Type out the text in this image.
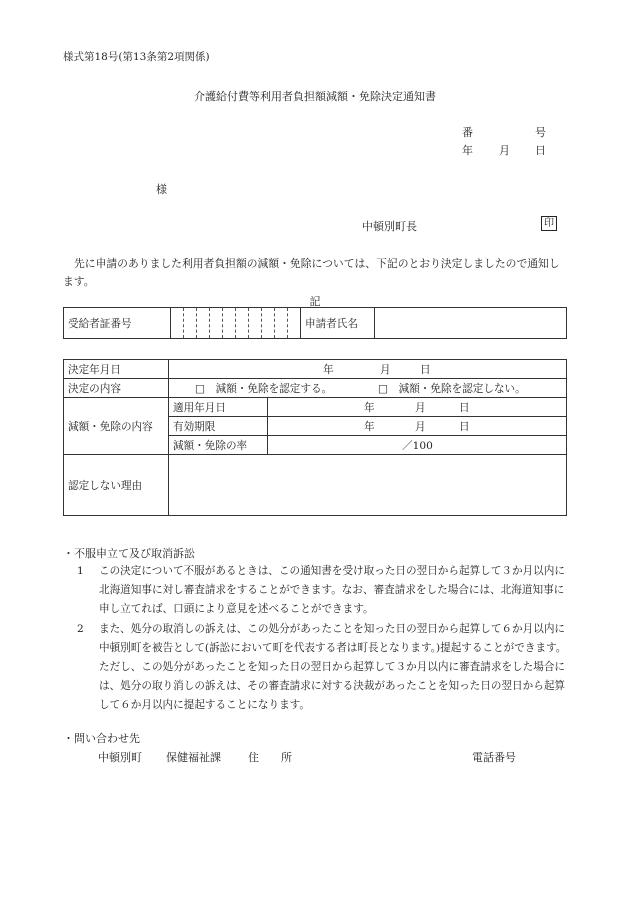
様式第18号(第13条第2項関係)
介護給付費等利用者負担額減額・免除決定通知書
番	号
年 月 日
様
中頓別町長	印
先に申請のありました利用者負担額の減額・免除については、下記のとおり決定しましたので通知します。
記
受給者証番号											申請者氏名	
決定年月日	年 月 日	

決定の内容	□　減額・免除を認定する。 □　減額・免除を認定しない。	

減額・免除の内容	適用年月日	年 月 日

	有効期限	年 月 日

	減額・免除の率	／100

認定しない理由		
・不服申立て及び取消訴訟
1 この決定について不服があるときは、この通知書を受け取った日の翌日から起算して３か月以内に北海道知事に対し審査請求をすることができます。なお、審査請求をした場合には、北海道知事に申し立てれば、口頭により意見を述べることができます。
2 また、処分の取消しの訴えは、この処分があったことを知った日の翌日から起算して６か月以内に中頓別町を被告として(訴訟において町を代表する者は町長となります。)提起することができます。ただし、この処分があったことを知った日の翌日から起算して３か月以内に審査請求をした場合には、処分の取り消しの訴えは、その審査請求に対する決裁があったことを知った日の翌日から起算して６か月以内に提起することになります。
・問い合わせ先
中頓別町 保健福祉課 住　　所	電話番号
